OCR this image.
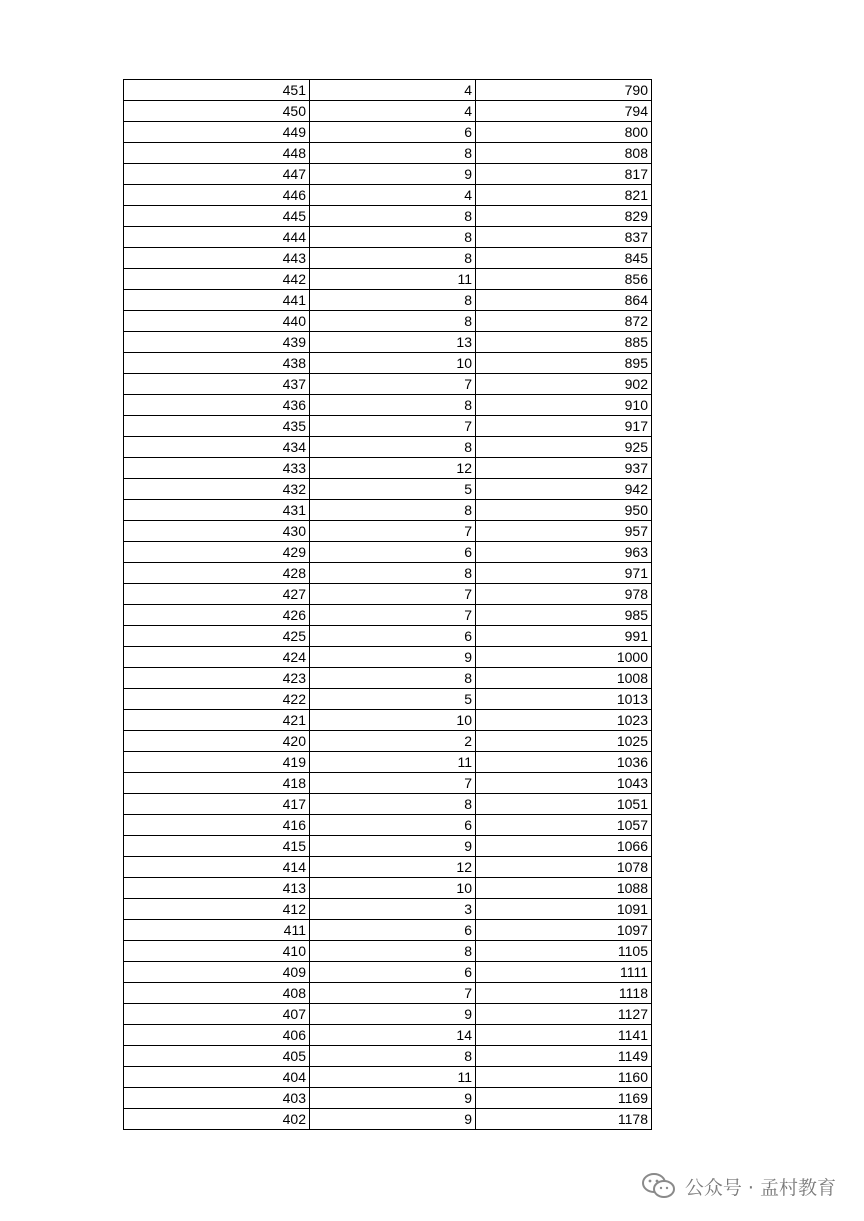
451	4	790
450	4	794
449	6	800
448	8	808
447	9	817
446	4	821
445	8	829
444	8	837
443	8	845
442	11	856
441	8	864
440	8	872
439	13	885
438	10	895
437	7	902
436	8	910
435	7	917
434	8	925
433	12	937
432	5	942
431	8	950
430	7	957
429	6	963
428	8	971
427	7	978
426	7	985
425	6	991
424	9	1000
423	8	1008
422	5	1013
421	10	1023
420	2	1025
419	11	1036
418	7	1043
417	8	1051
416	6	1057
415	9	1066
414	12	1078
413	10	1088
412	3	1091
411	6	1097
410	8	1105
409	6	1111
408	7	1118
407	9	1127
406	14	1141
405	8	1149
404	11	1160
403	9	1169
402	9	1178
公众号 · 孟村教育
